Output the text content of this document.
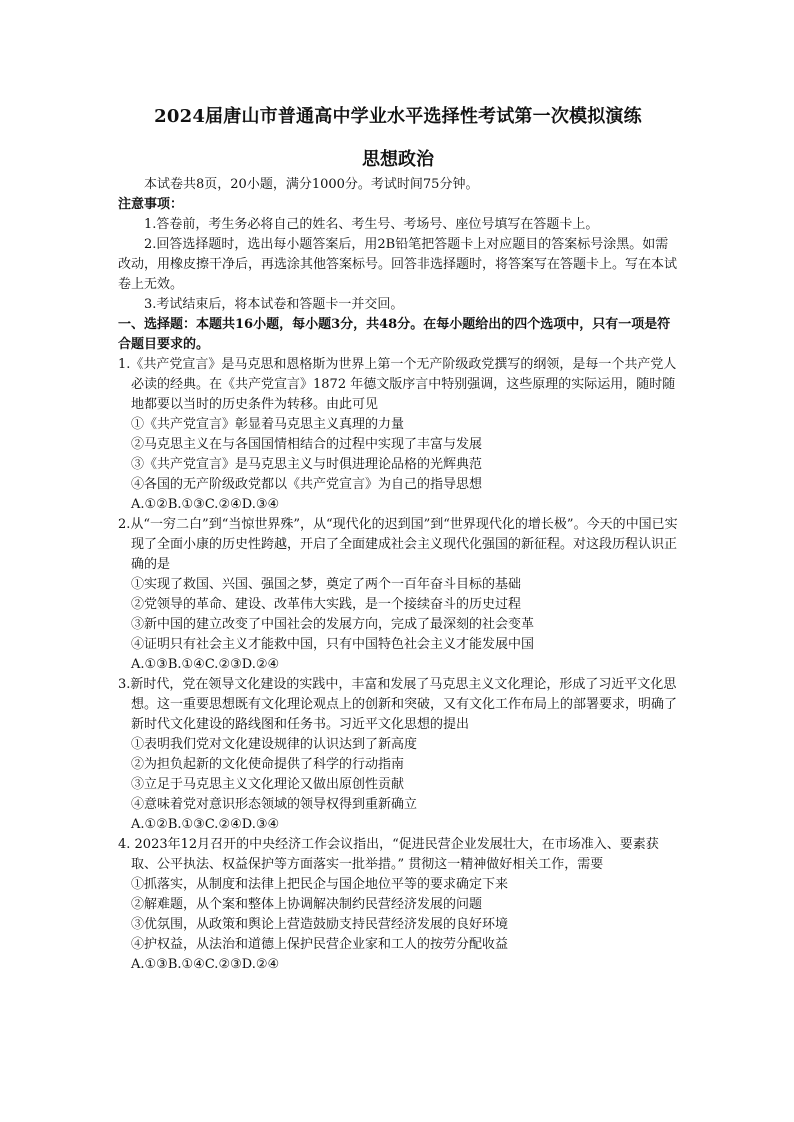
2024届唐山市普通高中学业水平选择性考试第一次模拟演练
思想政治
本试卷共8页，20小题，满分1000分。考试时间75分钟。
注意事项：
1.答卷前，考生务必将自己的姓名、考生号、考场号、座位号填写在答题卡上。
2.回答选择题时，选出每小题答案后，用2B铅笔把答题卡上对应题目的答案标号涂黑。如需改动，用橡皮擦干净后，再选涂其他答案标号。回答非选择题时，将答案写在答题卡上。写在本试卷上无效。
3.考试结束后，将本试卷和答题卡一并交回。
一、选择题：本题共16小题，每小题3分，共48分。在每小题给出的四个选项中，只有一项是符合题目要求的。
1.《共产党宣言》是马克思和恩格斯为世界上第一个无产阶级政党撰写的纲领，是每一个共产党人必读的经典。在《共产党宣言》1872 年德文版序言中特别强调，这些原理的实际运用，随时随地都要以当时的历史条件为转移。由此可见
①《共产党宣言》彰显着马克思主义真理的力量
②马克思主义在与各国国情相结合的过程中实现了丰富与发展
③《共产党宣言》是马克思主义与时俱进理论品格的光辉典范
④各国的无产阶级政党都以《共产党宣言》为自己的指导思想
A.①②B.①③C.②④D.③④
2.从“一穷二白”到“当惊世界殊”，从“现代化的迟到国”到“世界现代化的增长极”。今天的中国已实现了全面小康的历史性跨越，开启了全面建成社会主义现代化强国的新征程。对这段历程认识正确的是
①实现了救国、兴国、强国之梦，奠定了两个一百年奋斗目标的基础
②党领导的革命、建设、改革伟大实践，是一个接续奋斗的历史过程
③新中国的建立改变了中国社会的发展方向，完成了最深刻的社会变革
④证明只有社会主义才能救中国，只有中国特色社会主义才能发展中国
A.①③B.①④C.②③D.②④
3.新时代，党在领导文化建设的实践中，丰富和发展了马克思主义文化理论，形成了习近平文化思想。这一重要思想既有文化理论观点上的创新和突破，又有文化工作布局上的部署要求，明确了新时代文化建设的路线图和任务书。习近平文化思想的提出
①表明我们党对文化建设规律的认识达到了新高度
②为担负起新的文化使命提供了科学的行动指南
③立足于马克思主义文化理论又做出原创性贡献
④意味着党对意识形态领域的领导权得到重新确立
A.①②B.①③C.②④D.③④
4. 2023年12月召开的中央经济工作会议指出，“促进民营企业发展壮大，在市场准入、要素获取、公平执法、权益保护等方面落实一批举措。” 贯彻这一精神做好相关工作，需要
①抓落实，从制度和法律上把民企与国企地位平等的要求确定下来
②解难题，从个案和整体上协调解决制约民营经济发展的问题
③优氛围，从政策和舆论上营造鼓励支持民营经济发展的良好环境
④护权益，从法治和道德上保护民营企业家和工人的按劳分配收益
A.①③B.①④C.②③D.②④
